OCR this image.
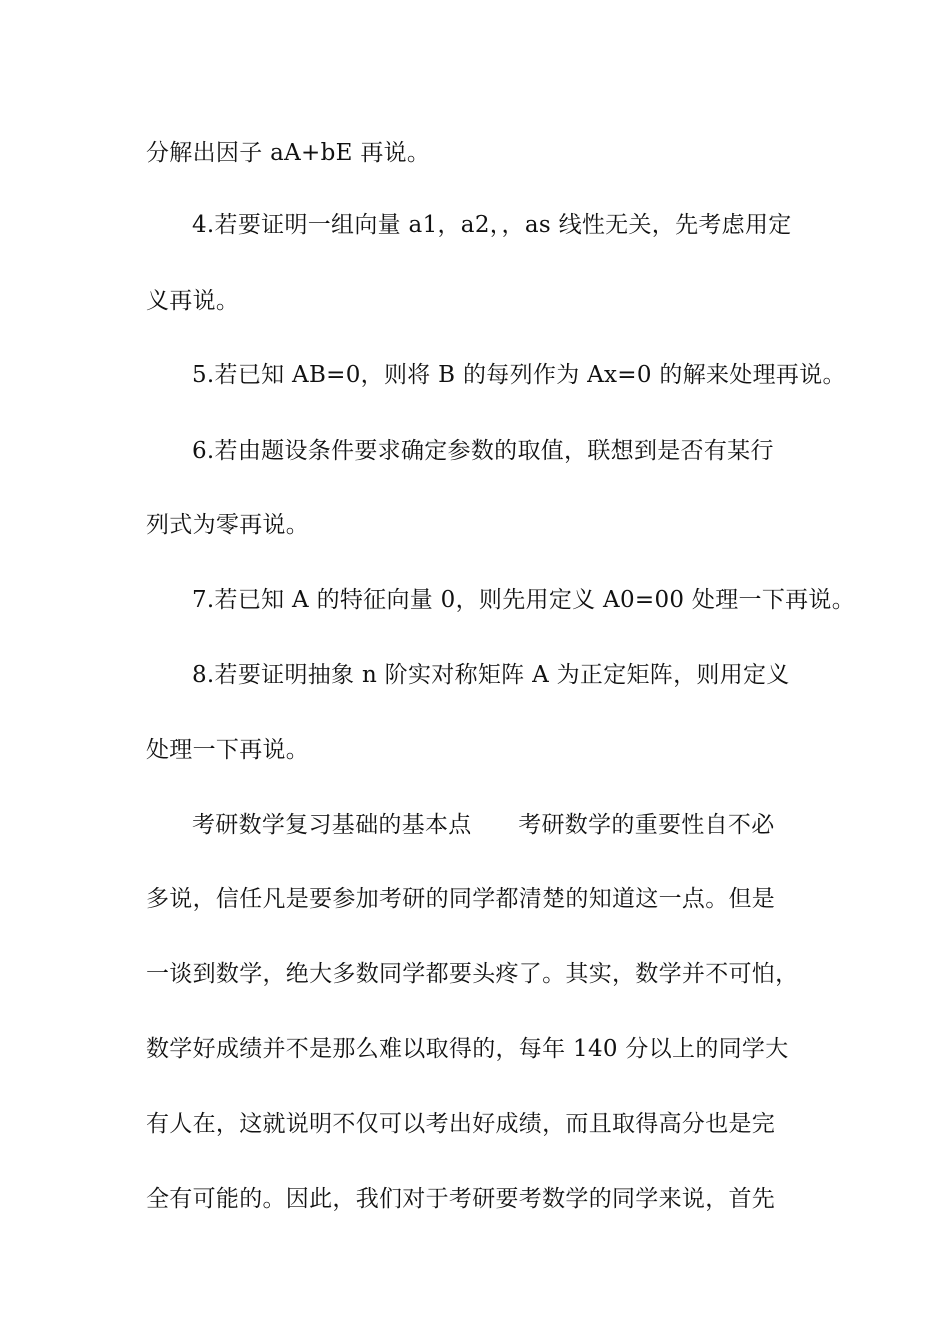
分解出因子 aA+bE 再说。

4.若要证明一组向量 a1，a2，，as 线性无关，先考虑用定

义再说。

5.若已知 AB=0，则将 B 的每列作为 Ax=0 的解来处理再说。

6.若由题设条件要求确定参数的取值，联想到是否有某行

列式为零再说。

7.若已知 A 的特征向量 0，则先用定义 A0=00 处理一下再说。

8.若要证明抽象 n 阶实对称矩阵 A 为正定矩阵，则用定义

处理一下再说。

考研数学复习基础的基本点　　考研数学的重要性自不必

多说，信任凡是要参加考研的同学都清楚的知道这一点。但是

一谈到数学，绝大多数同学都要头疼了。其实，数学并不可怕，

数学好成绩并不是那么难以取得的，每年 140 分以上的同学大

有人在，这就说明不仅可以考出好成绩，而且取得高分也是完

全有可能的。因此，我们对于考研要考数学的同学来说，首先
